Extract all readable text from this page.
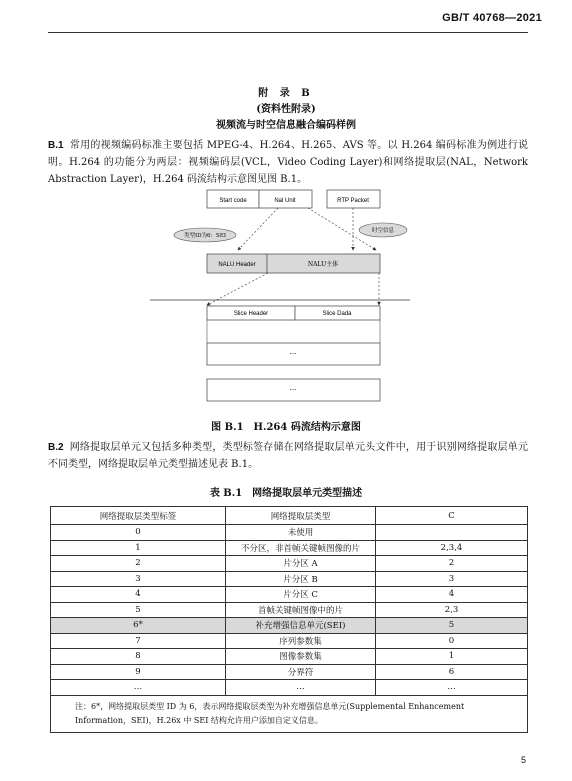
GB/T 40768—2021
附 录 B
(资料性附录)
视频流与时空信息融合编码样例
B.1 常用的视频编码标准主要包括 MPEG-4、H.264、H.265、AVS 等。以 H.264 编码标准为例进行说明。H.264 的功能分为两层：视频编码层(VCL，Video Coding Layer)和网络提取层(NAL，Network Abstraction Layer)，H.264 码流结构示意图见图 B.1。
Start code	Nal Unit	RTP Packet
类型ID为6：SEI
时空信息
NALU Header	NALU主体
Slice Header	Slice Dada
···
···
图 B.1　H.264 码流结构示意图
B.2 网络提取层单元又包括多种类型，类型标签存储在网络提取层单元头文件中，用于识别网络提取层单元不同类型，网络提取层单元类型描述见表 B.1。
表 B.1　网络提取层单元类型描述
网络提取层类型标签	网络提取层类型	C
0	未使用	
1	不分区，非首帧关键帧图像的片	2,3,4
2	片分区 A	2
3	片分区 B	3
4	片分区 C	4
5	首帧关键帧图像中的片	2,3
6*	补充增强信息单元(SEI)	5
7	序列参数集	0
8	图像参数集	1
9	分界符	6
…	…	…
注：6*，网络提取层类型 ID 为 6，表示网络提取层类型为补充增强信息单元(Supplemental Enhancement Information，SEI)，H.26x 中 SEI 结构允许用户添加自定义信息。		
5
